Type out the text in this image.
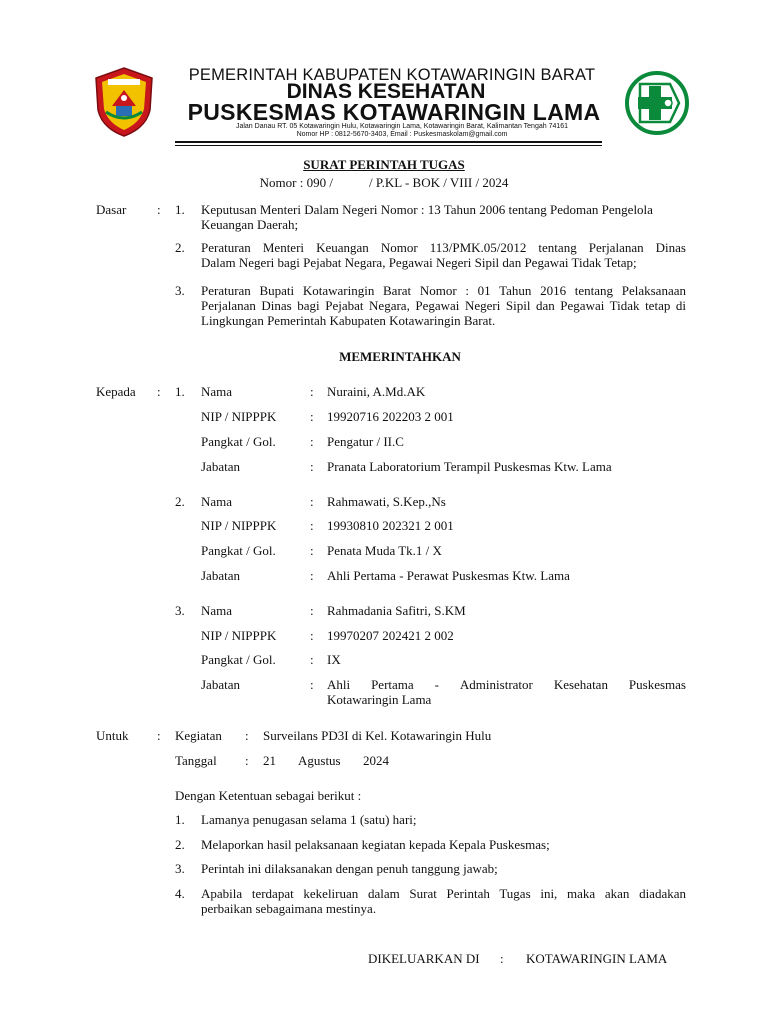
PEMERINTAH KABUPATEN KOTAWARINGIN BARAT
DINAS KESEHATAN
PUSKESMAS KOTAWARINGIN LAMA
Jalan Danau RT. 05 Kotawaringin Hulu, Kotawaringin Lama, Kotawaringin Barat, Kalimantan Tengah 74161
Nomor HP : 0812-5670-3403, Email : Puskesmaskolam@gmail.com
SURAT PERINTAH TUGAS
Nomor : 090 /	/ P.KL - BOK / VIII / 2024
Dasar : 1. Keputusan Menteri Dalam Negeri Nomor : 13 Tahun 2006 tentang Pedoman Pengelola
Keuangan Daerah;
2. Peraturan Menteri Keuangan Nomor 113/PMK.05/2012 tentang Perjalanan Dinas
Dalam Negeri bagi Pejabat Negara, Pegawai Negeri Sipil dan Pegawai Tidak Tetap;
3. Peraturan Bupati Kotawaringin Barat Nomor : 01 Tahun 2016 tentang Pelaksanaan
Perjalanan Dinas bagi Pejabat Negara, Pegawai Negeri Sipil dan Pegawai Tidak tetap di
Lingkungan Pemerintah Kabupaten Kotawaringin Barat.
MEMERINTAHKAN
Kepada : 1. Nama	: Nuraini, A.Md.AK
NIP / NIPPPK	: 19920716 202203 2 001
Pangkat / Gol.	: Pengatur / II.C
Jabatan	: Pranata Laboratorium Terampil Puskesmas Ktw. Lama
2. Nama	: Rahmawati, S.Kep.,Ns
NIP / NIPPPK	: 19930810 202321 2 001
Pangkat / Gol.	: Penata Muda Tk.1 / X
Jabatan	: Ahli Pertama - Perawat Puskesmas Ktw. Lama
3. Nama	: Rahmadania Safitri, S.KM
NIP / NIPPPK	: 19970207 202421 2 002
Pangkat / Gol.	: IX
Jabatan	: Ahli Pertama - Administrator Kesehatan Puskesmas
Kotawaringin Lama
Untuk : Kegiatan : Surveilans PD3I di Kel. Kotawaringin Hulu
Tanggal : 21 Agustus 2024
Dengan Ketentuan sebagai berikut :
1. Lamanya penugasan selama 1 (satu) hari;
2. Melaporkan hasil pelaksanaan kegiatan kepada Kepala Puskesmas;
3. Perintah ini dilaksanakan dengan penuh tanggung jawab;
4. Apabila terdapat kekeliruan dalam Surat Perintah Tugas ini, maka akan diadakan
perbaikan sebagaimana mestinya.
DIKELUARKAN DI : KOTAWARINGIN LAMA
